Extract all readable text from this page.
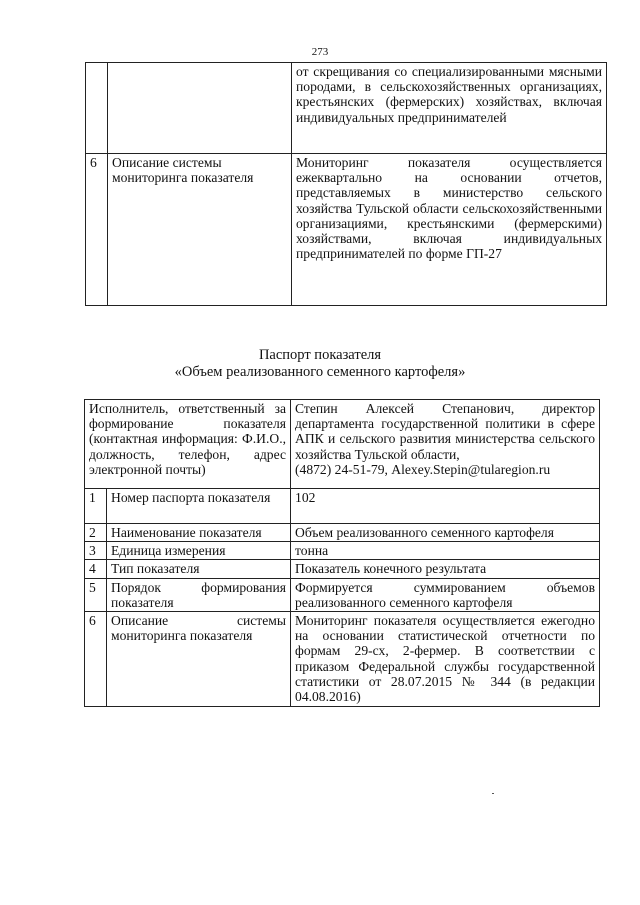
273
		от скрещивания со специализированными мясными породами, в сельскохозяйственных организациях, крестьянских (фермерских) хозяйствах, включая индивидуальных предпринимателей
6	Описание системы мониторинга показателя	Мониторинг показателя осуществляется ежеквартально на основании отчетов, представляемых в министерство сельского хозяйства Тульской области сельскохозяйственными организациями, крестьянскими (фермерскими) хозяйствами, включая индивидуальных предпринимателей по форме ГП-27
Паспорт показателя
«Объем реализованного семенного картофеля»
Исполнитель, ответственный за формирование показателя (контактная информация: Ф.И.О., должность, телефон, адрес электронной почты)		Степин Алексей Степанович, директор департамента государственной политики в сфере АПК и сельского развития министерства сельского хозяйства Тульской области,
(4872) 24-51-79, Alexey.Stepin@tularegion.ru
1	Номер паспорта показателя	102
2	Наименование показателя	Объем реализованного семенного картофеля
3	Единица измерения	тонна
4	Тип показателя	Показатель конечного результата
5	Порядок формирования показателя	Формируется суммированием объемов реализованного семенного картофеля
6	Описание системы мониторинга показателя	Мониторинг показателя осуществляется ежегодно на основании статистической отчетности по формам 29-сх, 2-фермер. В соответствии с приказом Федеральной службы государственной статистики от 28.07.2015 № 344 (в редакции 04.08.2016)
